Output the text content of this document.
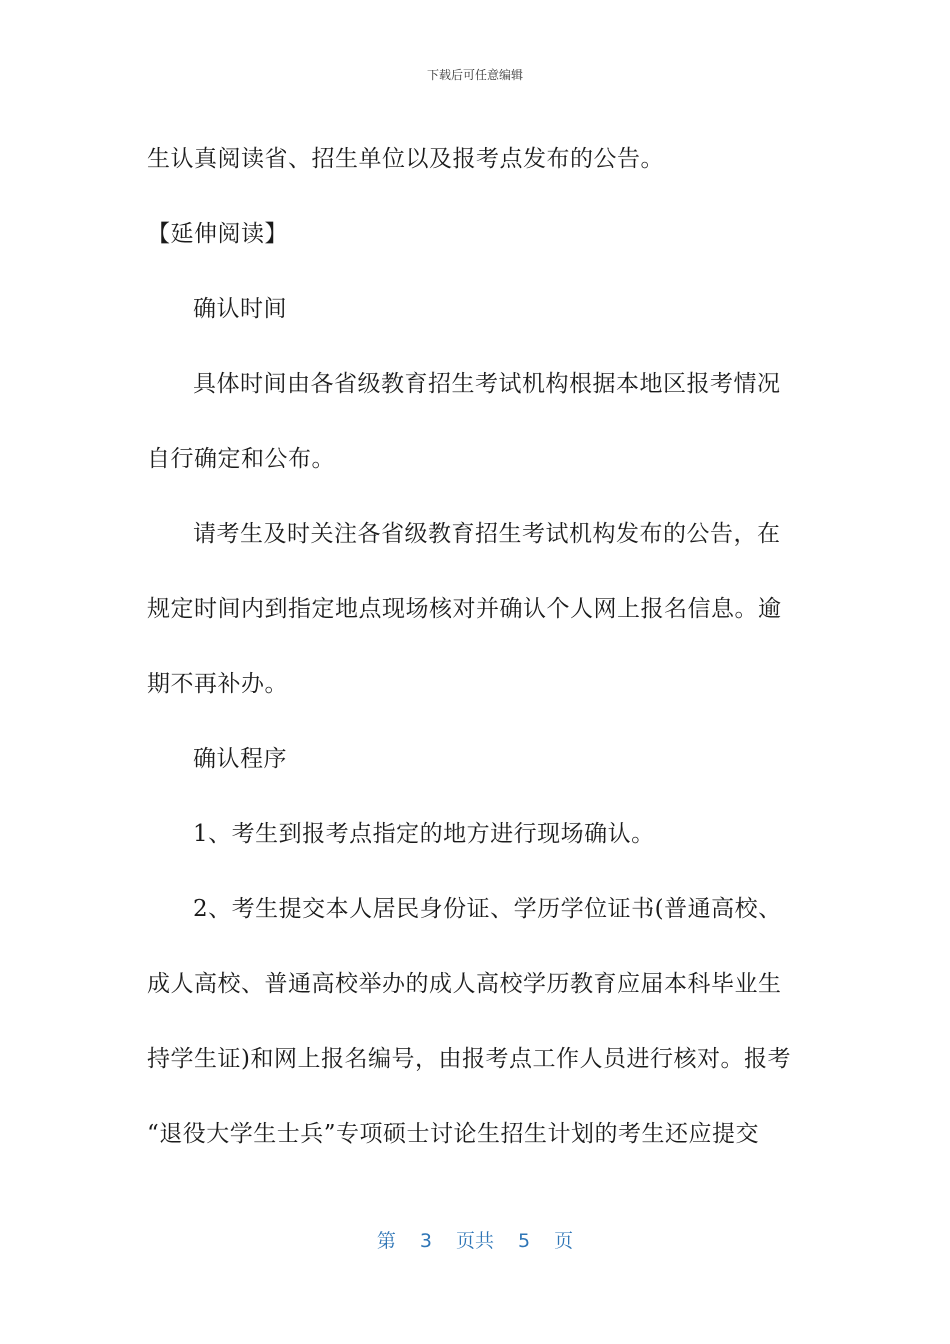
下载后可任意编辑
生认真阅读省、招生单位以及报考点发布的公告。
【延伸阅读】
确认时间
具体时间由各省级教育招生考试机构根据本地区报考情况
自行确定和公布。
请考生及时关注各省级教育招生考试机构发布的公告，在
规定时间内到指定地点现场核对并确认个人网上报名信息。逾
期不再补办。
确认程序
1、考生到报考点指定的地方进行现场确认。
2、考生提交本人居民身份证、学历学位证书(普通高校、
成人高校、普通高校举办的成人高校学历教育应届本科毕业生
持学生证)和网上报名编号，由报考点工作人员进行核对。报考
“退役大学生士兵”专项硕士讨论生招生计划的考生还应提交
第 3 页共 5 页
